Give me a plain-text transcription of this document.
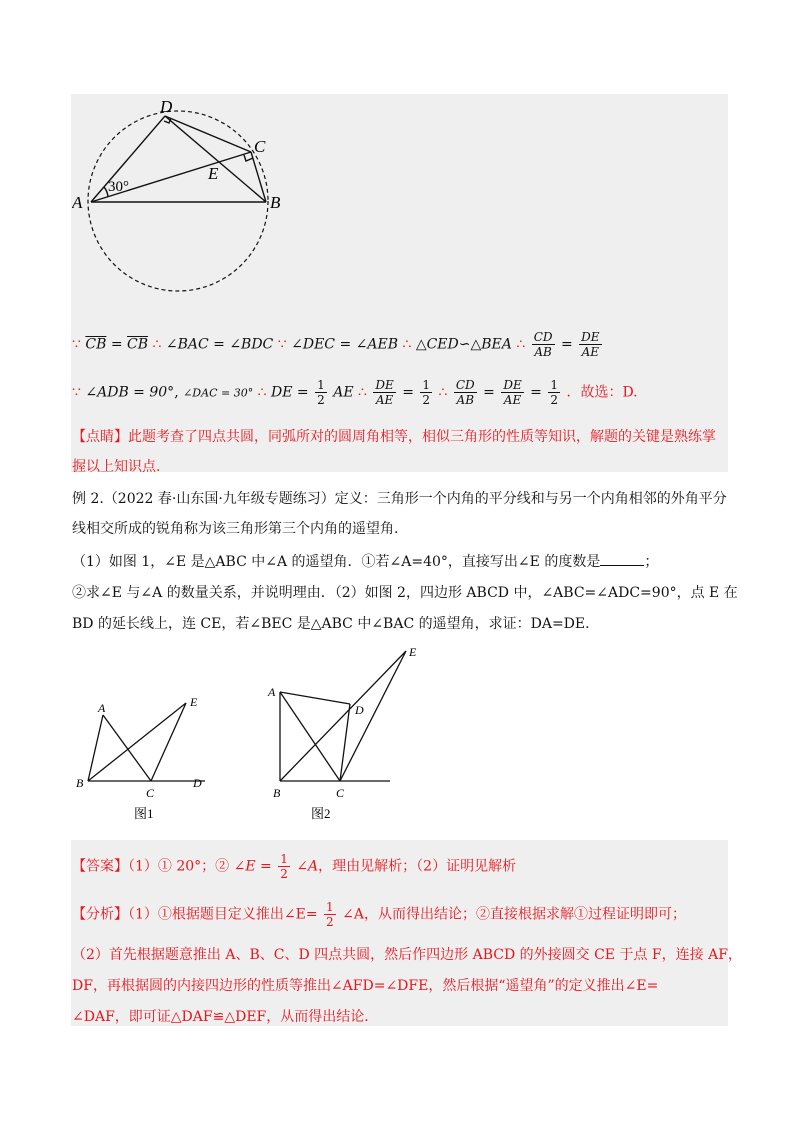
D
C
E
A	B
30°
∵ $\overline{CB} = \overline{CB}$ ∴ ∠BAC = ∠BDC ∵ ∠DEC = ∠AEB ∴ △CED∽△BEA ∴ $\frac{CD}{AB} = \frac{DE}{AE}$
∵ ∠ADB = 90°, ∠DAC = 30° ∴ DE = $\frac{1}{2}$ AE ∴ $\frac{DE}{AE} = \frac{1}{2}$ ∴ $\frac{CD}{AB} = \frac{DE}{AE} = \frac{1}{2}$ ．故选：D.
【点睛】此题考查了四点共圆，同弧所对的圆周角相等，相似三角形的性质等知识，解题的关键是熟练掌
握以上知识点.
例 2.（2022 春·山东国·九年级专题练习）定义：三角形一个内角的平分线和与另一个内角相邻的外角平分
线相交所成的锐角称为该三角形第三个内角的遥望角.
（1）如图 1，∠E 是△ABC 中∠A 的遥望角．①若∠A=40°，直接写出∠E 的度数是	；
②求∠E 与∠A 的数量关系，并说明理由．（2）如图 2，四边形 ABCD 中，∠ABC=∠ADC=90°，点 E 在
BD 的延长线上，连 CE，若∠BEC 是△ABC 中∠BAC 的遥望角，求证：DA=DE.
A	E
B
C
D
图1
A
E
D
B	C
图2
【答案】（1）① 20°；② ∠E = $\frac{1}{2}$ ∠A，理由见解析；（2）证明见解析
【分析】（1）①根据题目定义推出∠E= $\frac{1}{2}$ ∠A，从而得出结论；②直接根据求解①过程证明即可；
（2）首先根据题意推出 A、B、C、D 四点共圆，然后作四边形 ABCD 的外接圆交 CE 于点 F，连接 AF，
DF，再根据圆的内接四边形的性质等推出∠AFD=∠DFE，然后根据“遥望角”的定义推出∠E=
∠DAF，即可证△DAF≌△DEF，从而得出结论.
